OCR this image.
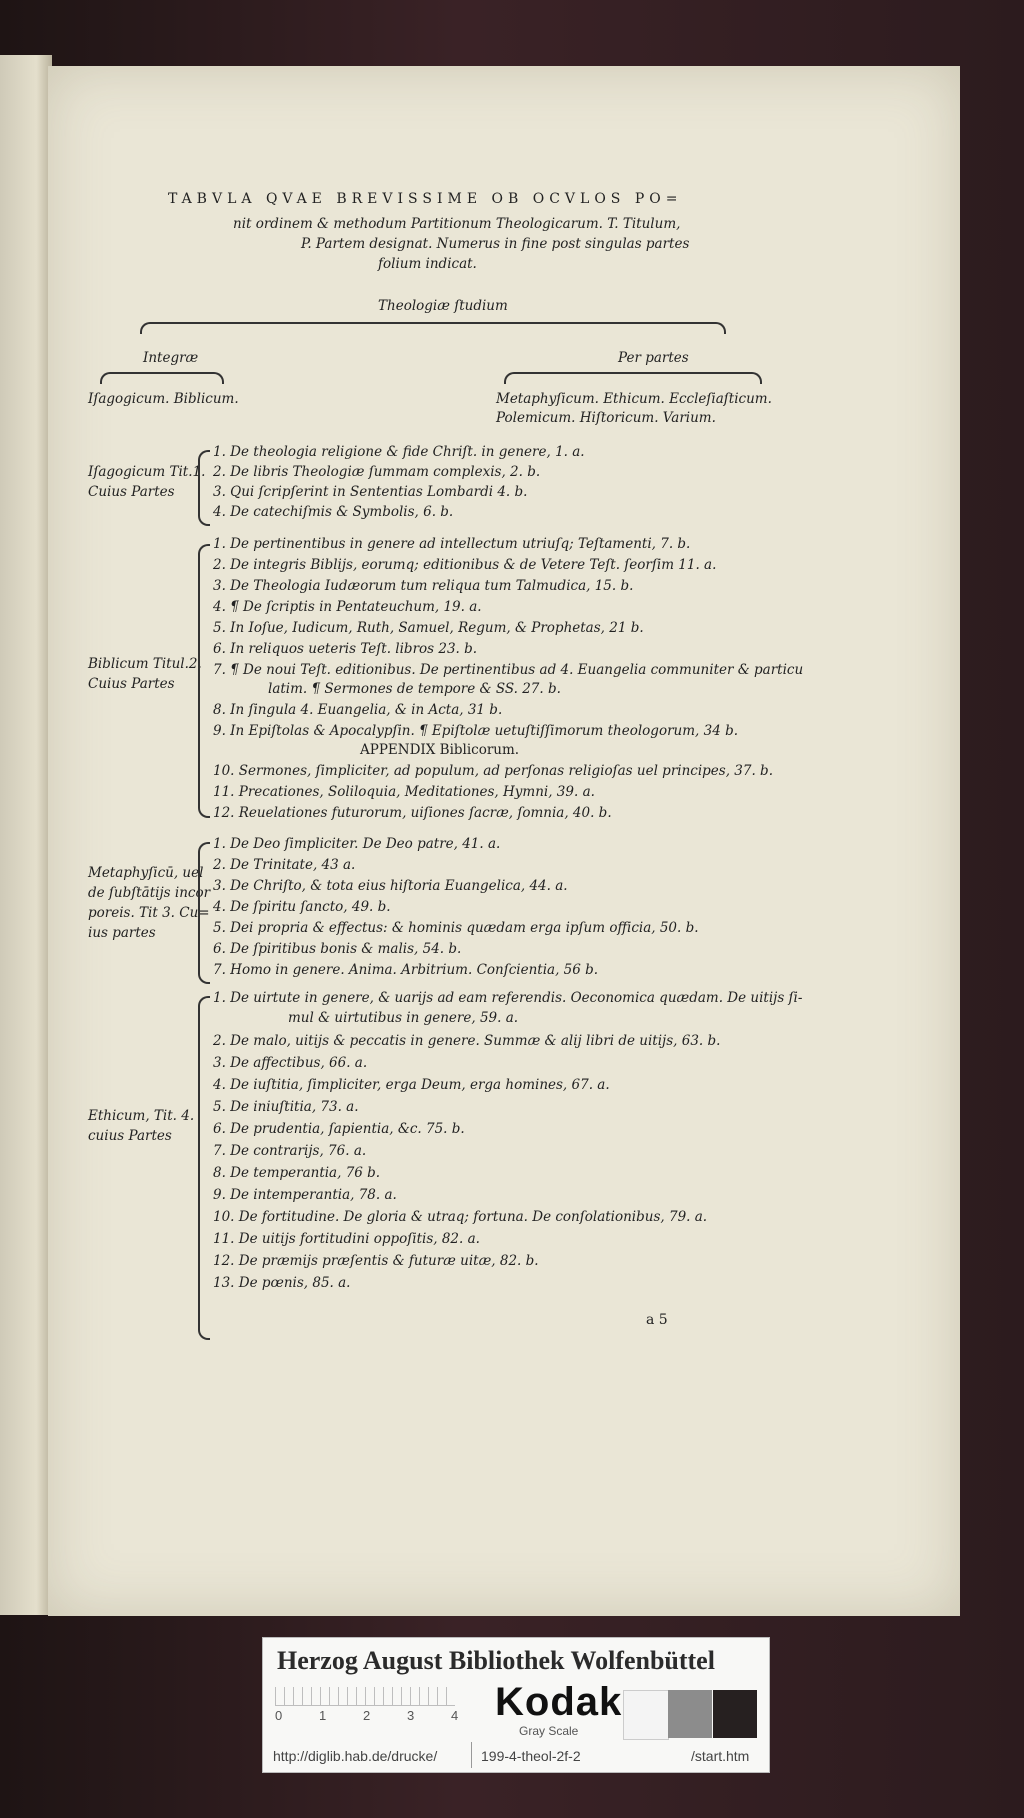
TABVLA QVAE BREVISSIME OB OCVLOS PO=
nit ordinem & methodum Partitionum Theologicarum. T. Titulum,
P. Partem designat. Numerus in fine post singulas partes
folium indicat.
Theologiæ ſtudium
Integræ	Per partes
Iſagogicum. Biblicum.	Metaphyſicum. Ethicum. Eccleſiaſticum.
Polemicum. Hiſtoricum. Varium.
Iſagogicum Tit.1.
Cuius Partes
1. De theologia religione & fide Chriſt. in genere, 1. a.
2. De libris Theologiæ ſummam complexis, 2. b.
3. Qui ſcripſerint in Sententias Lombardi 4. b.
4. De catechiſmis & Symbolis, 6. b.
Biblicum Titul.2.
Cuius Partes
1. De pertinentibus in genere ad intellectum utriuſq; Teſtamenti, 7. b.
2. De integris Biblijs, eorumq; editionibus & de Vetere Teſt. ſeorſim 11. a.
3. De Theologia Iudæorum tum reliqua tum Talmudica, 15. b.
4. ¶ De ſcriptis in Pentateuchum, 19. a.
5. In Ioſue, Iudicum, Ruth, Samuel, Regum, & Prophetas, 21 b.
6. In reliquos ueteris Teſt. libros 23. b.
7. ¶ De noui Teſt. editionibus. De pertinentibus ad 4. Euangelia communiter & particu
latim. ¶ Sermones de tempore & SS. 27. b.
8. In ſingula 4. Euangelia, & in Acta, 31 b.
9. In Epiſtolas & Apocalypſin. ¶ Epiſtolæ uetuſtiſſimorum theologorum, 34 b.
APPENDIX Biblicorum.
10. Sermones, ſimpliciter, ad populum, ad perſonas religioſas uel principes, 37. b.
11. Precationes, Soliloquia, Meditationes, Hymni, 39. a.
12. Reuelationes futurorum, uiſiones ſacræ, ſomnia, 40. b.
Metaphyſicū, uel
de ſubſtātijs incor
poreis. Tit 3. Cu=
ius partes
1. De Deo ſimpliciter. De Deo patre, 41. a.
2. De Trinitate, 43 a.
3. De Chriſto, & tota eius hiſtoria Euangelica, 44. a.
4. De ſpiritu ſancto, 49. b.
5. Dei propria & effectus: & hominis quædam erga ipſum officia, 50. b.
6. De ſpiritibus bonis & malis, 54. b.
7. Homo in genere. Anima. Arbitrium. Conſcientia, 56 b.
Ethicum, Tit. 4.
cuius Partes
1. De uirtute in genere, & uarijs ad eam referendis. Oeconomica quædam. De uitijs ſi-
mul & uirtutibus in genere, 59. a.
2. De malo, uitijs & peccatis in genere. Summæ & alij libri de uitijs, 63. b.
3. De affectibus, 66. a.
4. De iuſtitia, ſimpliciter, erga Deum, erga homines, 67. a.
5. De iniuſtitia, 73. a.
6. De prudentia, ſapientia, &c. 75. b.
7. De contrarijs, 76. a.
8. De temperantia, 76 b.
9. De intemperantia, 78. a.
10. De fortitudine. De gloria & utraq; fortuna. De conſolationibus, 79. a.
11. De uitijs fortitudini oppoſitis, 82. a.
12. De præmijs præſentis & futuræ uitæ, 82. b.
13. De pœnis, 85. a.
a 5
Herzog August Bibliothek Wolfenbüttel
0	1	2	3	4 Kodak
Gray Scale
http://diglib.hab.de/drucke/	199-4-theol-2f-2	/start.htm
